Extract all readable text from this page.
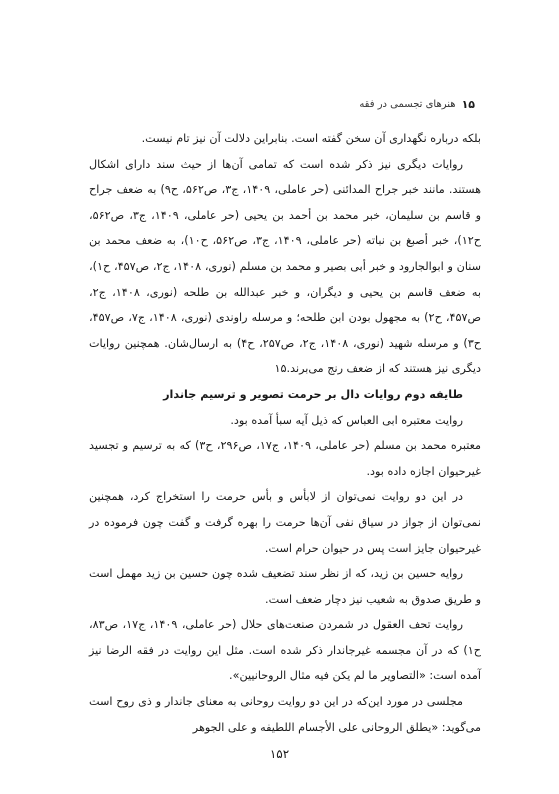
۱۵
هنرهای تجسمی در فقه

بلکه درباره نگهداری آن سخن گفته است. بنابراین دلالت آن نیز تام نیست.

روایات دیگری نیز ذکر شده است که تمامی آن‌ها از حیث سند دارای اشکال هستند. مانند خبر جراح المدائنی (حر عاملی، ۱۴۰۹، ج۳، ص۵۶۲، ح۹) به ضعف جراح و قاسم بن سلیمان، خبر محمد بن أحمد بن یحیی (حر عاملی، ۱۴۰۹، ج۳، ص۵۶۲، ح۱۲)، خبر أصبغ بن نباته (حر عاملی، ۱۴۰۹، ج۳، ص۵۶۲، ح۱۰)، به ضعف محمد بن سنان و ابوالجارود و خبر أبی بصیر و محمد بن مسلم (نوری، ۱۴۰۸، ج۲، ص۴۵۷، ح۱)، به ضعف قاسم بن یحیی و دیگران، و خبر عبدالله بن طلحه (نوری، ۱۴۰۸، ج۲، ص۴۵۷، ح۲) به مجهول بودن ابن طلحه؛ و مرسله راوندی (نوری، ۱۴۰۸، ج۷، ص۴۵۷، ح۳) و مرسله شهید (نوری، ۱۴۰۸، ج۲، ص۲۵۷، ح۴) به ارسال‌شان. همچنین روایات دیگری نیز هستند که از ضعف رنج می‌برند.۱۵

طایفه دوم روایات دال بر حرمت تصویر و ترسیم جاندار

روایت معتبره ابی العباس که ذیل آیه سبأ آمده بود.

معتبره محمد بن مسلم (حر عاملی، ۱۴۰۹، ج۱۷، ص۲۹۶، ح۳) که به ترسیم و تجسید غیرحیوان اجازه داده بود.

در این دو روایت نمی‌توان از لابأس و بأس حرمت را استخراج کرد، همچنین نمی‌توان از جواز در سیاق نفی آن‌ها حرمت را بهره گرفت و گفت چون فرموده در غیرحیوان جایز است پس در حیوان حرام است.

روایه حسین بن زید، که از نظر سند تضعیف شده چون حسین بن زید مهمل است و طریق صدوق به شعیب نیز دچار ضعف است.

روایت تحف العقول در شمردن صنعت‌های حلال (حر عاملی، ۱۴۰۹، ج۱۷، ص۸۳، ح۱) که در آن مجسمه غیرجاندار ذکر شده است. مثل این روایت در فقه الرضا نیز آمده است: «التصاویر ما لم یکن فیه مثال الروحانیین».

مجلسی در مورد این‌که در این دو روایت روحانی به معنای جاندار و ذی روح است می‌گوید: «یطلق الروحانی علی الأجسام اللطیفه و علی الجوهر

۱۵۲
